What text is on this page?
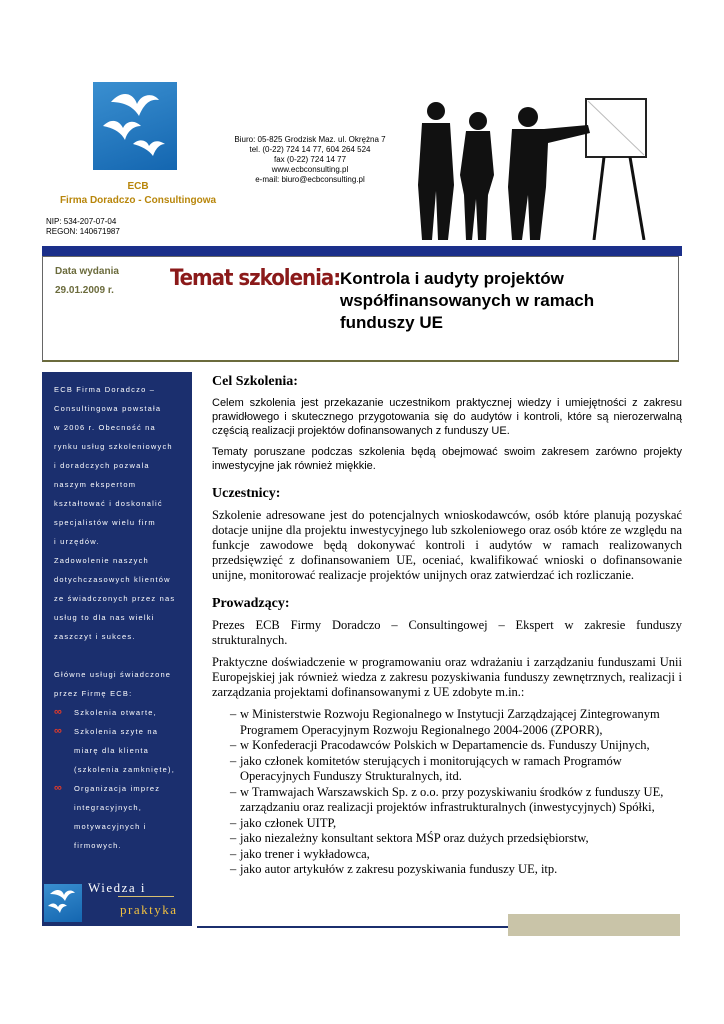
ECB
Firma Doradczo - Consultingowa
NIP: 534-207-07-04
REGON: 140671987
Biuro: 05-825 Grodzisk Maz. ul. Okrężna 7
tel. (0-22) 724 14 77, 604 264 524
fax (0-22) 724 14 77
www.ecbconsulting.pl
e-mail: biuro@ecbconsulting.pl
Data wydania
29.01.2009 r.	Temat szkolenia: Kontrola i audyty projektów współfinansowanych w ramach funduszy UE
ECB Firma Doradczo –
Consultingowa powstała
w 2006 r. Obecność na
rynku usług szkoleniowych
i doradczych pozwala
naszym ekspertom
kształtować i doskonalić
specjalistów wielu firm
i urzędów.
Zadowolenie naszych
dotychczasowych klientów
ze świadczonych przez nas
usług to dla nas wielki
zaszczyt i sukces.
Główne usługi świadczone
przez Firmę ECB:
∞ Szkolenia otwarte,
∞ Szkolenia szyte na
miarę dla klienta
(szkolenia zamknięte),
∞ Organizacja imprez
integracyjnych,
motywacyjnych i
firmowych.
Wiedza i
praktyka
Cel Szkolenia:

Celem szkolenia jest przekazanie uczestnikom praktycznej wiedzy i umiejętności z zakresu prawidłowego i skutecznego przygotowania się do audytów i kontroli, które są nierozerwalną częścią realizacji projektów dofinansowanych z funduszy UE.

Tematy poruszane podczas szkolenia będą obejmować swoim zakresem zarówno projekty inwestycyjne jak również miękkie.

Uczestnicy:

Szkolenie adresowane jest do potencjalnych wnioskodawców, osób które planują pozyskać dotacje unijne dla projektu inwestycyjnego lub szkoleniowego oraz osób które ze względu na funkcje zawodowe będą dokonywać kontroli i audytów w ramach realizowanych przedsięwzięć z dofinansowaniem UE, oceniać, kwalifikować wnioski o dofinansowanie unijne, monitorować realizacje projektów unijnych oraz zatwierdzać ich rozliczanie.

Prowadzący:

Prezes ECB Firmy Doradczo – Consultingowej – Ekspert w zakresie funduszy strukturalnych.

Praktyczne doświadczenie w programowaniu oraz wdrażaniu i zarządzaniu funduszami Unii Europejskiej jak również wiedza z zakresu pozyskiwania funduszy zewnętrznych, realizacji i zarządzania projektami dofinansowanymi z UE zdobyte m.in.:

– w Ministerstwie Rozwoju Regionalnego w Instytucji Zarządzającej Zintegrowanym Programem Operacyjnym Rozwoju Regionalnego 2004-2006 (ZPORR),
– w Konfederacji Pracodawców Polskich w Departamencie ds. Funduszy Unijnych,
– jako członek komitetów sterujących i monitorujących w ramach Programów Operacyjnych Funduszy Strukturalnych, itd.
– w Tramwajach Warszawskich Sp. z o.o. przy pozyskiwaniu środków z funduszy UE, zarządzaniu oraz realizacji projektów infrastrukturalnych (inwestycyjnych) Spółki,
– jako członek UITP,
– jako niezależny konsultant sektora MŚP oraz dużych przedsiębiorstw,
– jako trener i wykładowca,
– jako autor artykułów z zakresu pozyskiwania funduszy UE, itp.
